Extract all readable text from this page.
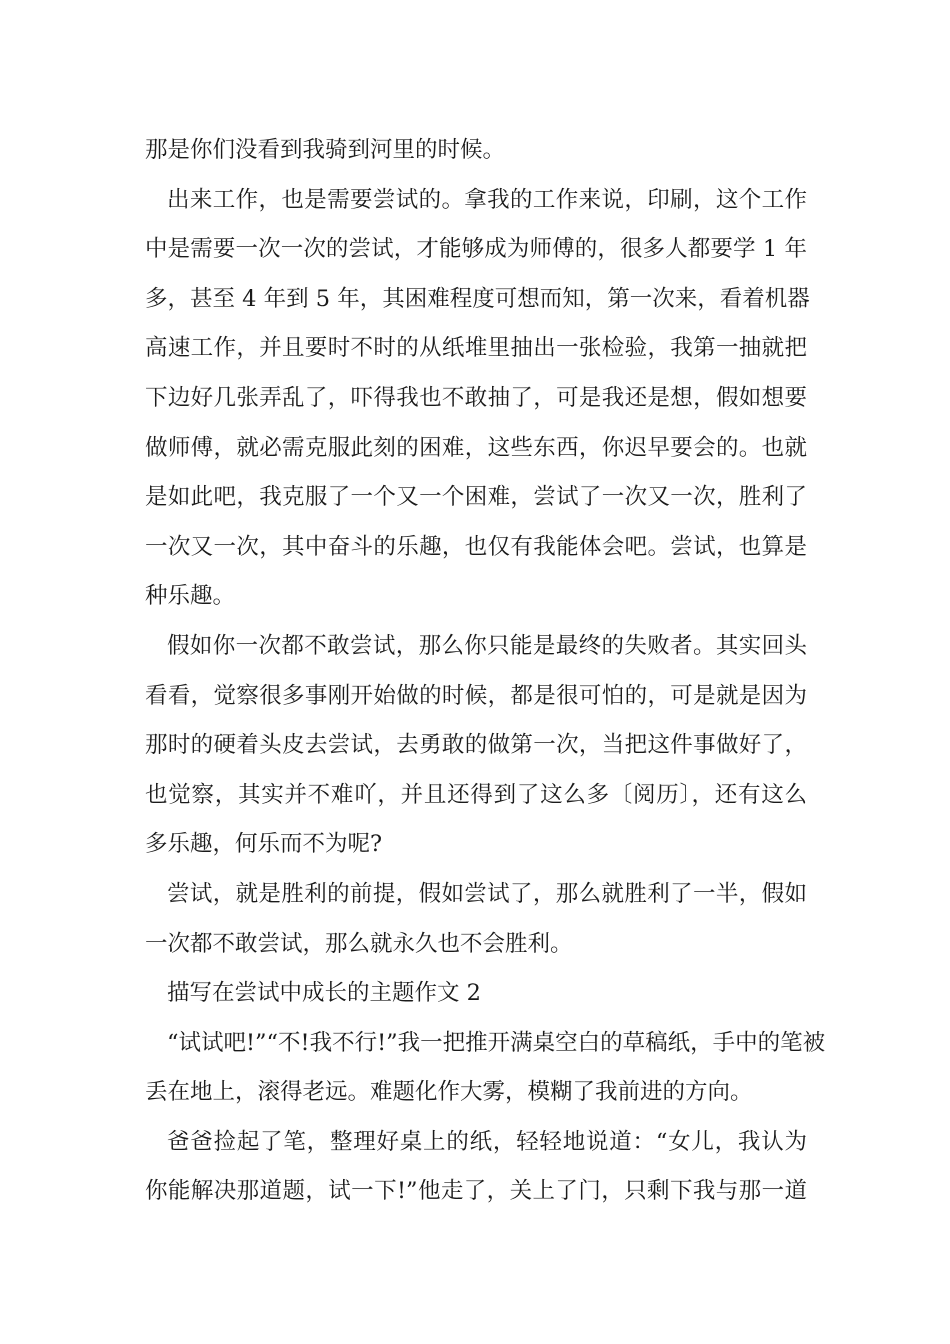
那是你们没看到我骑到河里的时候。
出来工作，也是需要尝试的。拿我的工作来说，印刷，这个工作
中是需要一次一次的尝试，才能够成为师傅的，很多人都要学 1 年
多，甚至 4 年到 5 年，其困难程度可想而知，第一次来，看着机器
高速工作，并且要时不时的从纸堆里抽出一张检验，我第一抽就把
下边好几张弄乱了，吓得我也不敢抽了，可是我还是想，假如想要
做师傅，就必需克服此刻的困难，这些东西，你迟早要会的。也就
是如此吧，我克服了一个又一个困难，尝试了一次又一次，胜利了
一次又一次，其中奋斗的乐趣，也仅有我能体会吧。尝试，也算是
种乐趣。
假如你一次都不敢尝试，那么你只能是最终的失败者。其实回头
看看，觉察很多事刚开始做的时候，都是很可怕的，可是就是因为
那时的硬着头皮去尝试，去勇敢的做第一次，当把这件事做好了，
也觉察，其实并不难吖，并且还得到了这么多〔阅历〕，还有这么
多乐趣，何乐而不为呢?
尝试，就是胜利的前提，假如尝试了，那么就胜利了一半，假如
一次都不敢尝试，那么就永久也不会胜利。
描写在尝试中成长的主题作文 2
“试试吧!”“不!我不行!”我一把推开满桌空白的草稿纸，手中的笔被
丢在地上，滚得老远。难题化作大雾，模糊了我前进的方向。
爸爸捡起了笔，整理好桌上的纸，轻轻地说道：“女儿，我认为
你能解决那道题，试一下!”他走了，关上了门，只剩下我与那一道
